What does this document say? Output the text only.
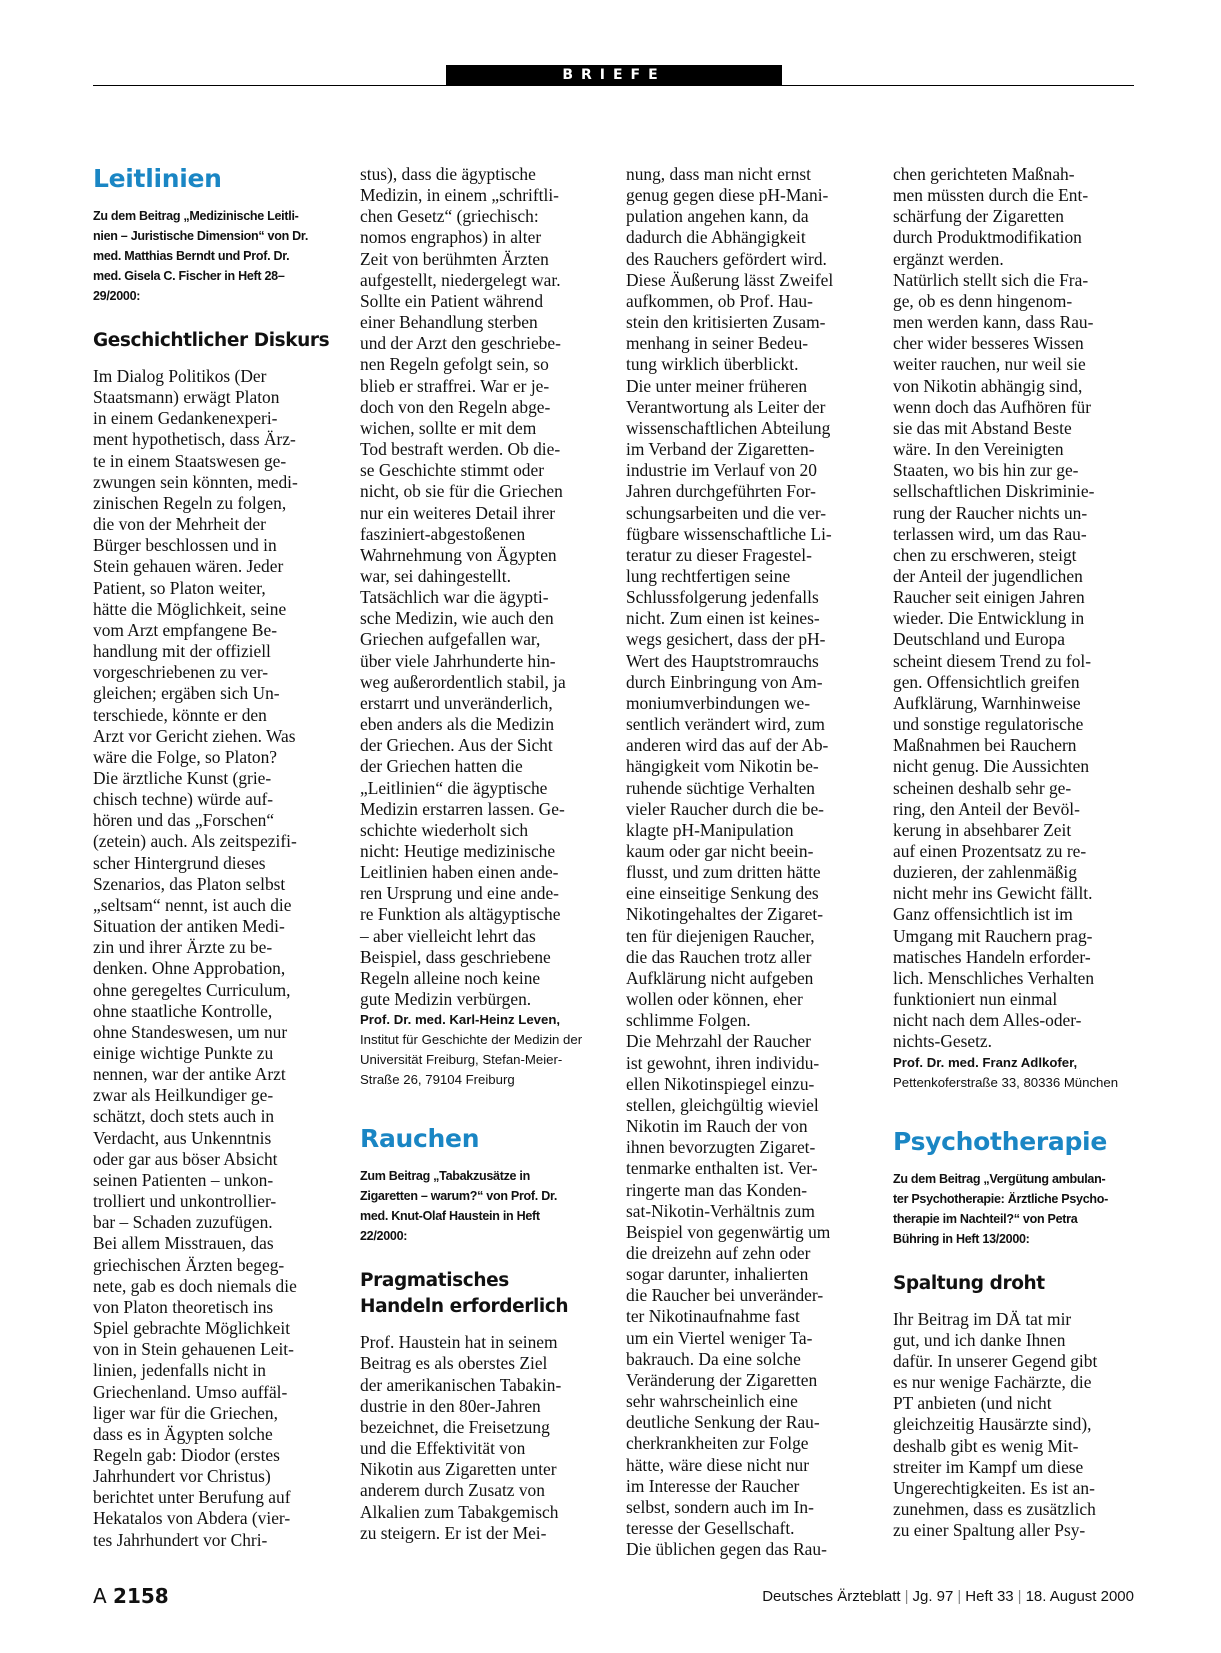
BRIEFE
Leitlinien
Zu dem Beitrag „Medizinische Leitli-nien – Juristische Dimension“ von Dr. med. Matthias Berndt und Prof. Dr. med. Gisela C. Fischer in Heft 28–29/2000:
Geschichtlicher Diskurs
Im Dialog Politikos (Der
Staatsmann) erwägt Platon
in einem Gedankenexperi-
ment hypothetisch, dass Ärz-
te in einem Staatswesen ge-
zwungen sein könnten, medi-
zinischen Regeln zu folgen,
die von der Mehrheit der
Bürger beschlossen und in
Stein gehauen wären. Jeder
Patient, so Platon weiter,
hätte die Möglichkeit, seine
vom Arzt empfangene Be-
handlung mit der offiziell
vorgeschriebenen zu ver-
gleichen; ergäben sich Un-
terschiede, könnte er den
Arzt vor Gericht ziehen. Was
wäre die Folge, so Platon?
Die ärztliche Kunst (grie-
chisch techne) würde auf-
hören und das „Forschen“
(zetein) auch. Als zeitspezifi-
scher Hintergrund dieses
Szenarios, das Platon selbst
„seltsam“ nennt, ist auch die
Situation der antiken Medi-
zin und ihrer Ärzte zu be-
denken. Ohne Approbation,
ohne geregeltes Curriculum,
ohne staatliche Kontrolle,
ohne Standeswesen, um nur
einige wichtige Punkte zu
nennen, war der antike Arzt
zwar als Heilkundiger ge-
schätzt, doch stets auch in
Verdacht, aus Unkenntnis
oder gar aus böser Absicht
seinen Patienten – unkon-
trolliert und unkontrollier-
bar – Schaden zuzufügen.
Bei allem Misstrauen, das
griechischen Ärzten begeg-
nete, gab es doch niemals die
von Platon theoretisch ins
Spiel gebrachte Möglichkeit
von in Stein gehauenen Leit-
linien, jedenfalls nicht in
Griechenland. Umso auffäl-
liger war für die Griechen,
dass es in Ägypten solche
Regeln gab: Diodor (erstes
Jahrhundert vor Christus)
berichtet unter Berufung auf
Hekatalos von Abdera (vier-
tes Jahrhundert vor Chri-
stus), dass die ägyptische
Medizin, in einem „schriftli-
chen Gesetz“ (griechisch:
nomos engraphos) in alter
Zeit von berühmten Ärzten
aufgestellt, niedergelegt war.
Sollte ein Patient während
einer Behandlung sterben
und der Arzt den geschriebe-
nen Regeln gefolgt sein, so
blieb er straffrei. War er je-
doch von den Regeln abge-
wichen, sollte er mit dem
Tod bestraft werden. Ob die-
se Geschichte stimmt oder
nicht, ob sie für die Griechen
nur ein weiteres Detail ihrer
fasziniert-abgestoßenen
Wahrnehmung von Ägypten
war, sei dahingestellt.
Tatsächlich war die ägypti-
sche Medizin, wie auch den
Griechen aufgefallen war,
über viele Jahrhunderte hin-
weg außerordentlich stabil, ja
erstarrt und unveränderlich,
eben anders als die Medizin
der Griechen. Aus der Sicht
der Griechen hatten die
„Leitlinien“ die ägyptische
Medizin erstarren lassen. Ge-
schichte wiederholt sich
nicht: Heutige medizinische
Leitlinien haben einen ande-
ren Ursprung und eine ande-
re Funktion als altägyptische
– aber vielleicht lehrt das
Beispiel, dass geschriebene
Regeln alleine noch keine
gute Medizin verbürgen.
Prof. Dr. med. Karl-Heinz Leven,
Institut für Geschichte der Medizin der
Universität Freiburg, Stefan-Meier-
Straße 26, 79104 Freiburg
Rauchen
Zum Beitrag „Tabakzusätze in Zigaretten – warum?“ von Prof. Dr. med. Knut-Olaf Haustein in Heft 22/2000:
Pragmatisches Handeln erforderlich
Prof. Haustein hat in seinem
Beitrag es als oberstes Ziel
der amerikanischen Tabakin-
dustrie in den 80er-Jahren
bezeichnet, die Freisetzung
und die Effektivität von
Nikotin aus Zigaretten unter
anderem durch Zusatz von
Alkalien zum Tabakgemisch
zu steigern. Er ist der Mei-
nung, dass man nicht ernst
genug gegen diese pH-Mani-
pulation angehen kann, da
dadurch die Abhängigkeit
des Rauchers gefördert wird.
Diese Äußerung lässt Zweifel
aufkommen, ob Prof. Hau-
stein den kritisierten Zusam-
menhang in seiner Bedeu-
tung wirklich überblickt.
Die unter meiner früheren
Verantwortung als Leiter der
wissenschaftlichen Abteilung
im Verband der Zigaretten-
industrie im Verlauf von 20
Jahren durchgeführten For-
schungsarbeiten und die ver-
fügbare wissenschaftliche Li-
teratur zu dieser Fragestel-
lung rechtfertigen seine
Schlussfolgerung jedenfalls
nicht. Zum einen ist keines-
wegs gesichert, dass der pH-
Wert des Hauptstromrauchs
durch Einbringung von Am-
moniumverbindungen we-
sentlich verändert wird, zum
anderen wird das auf der Ab-
hängigkeit vom Nikotin be-
ruhende süchtige Verhalten
vieler Raucher durch die be-
klagte pH-Manipulation
kaum oder gar nicht beein-
flusst, und zum dritten hätte
eine einseitige Senkung des
Nikotingehaltes der Zigaret-
ten für diejenigen Raucher,
die das Rauchen trotz aller
Aufklärung nicht aufgeben
wollen oder können, eher
schlimme Folgen.
Die Mehrzahl der Raucher
ist gewohnt, ihren individu-
ellen Nikotinspiegel einzu-
stellen, gleichgültig wieviel
Nikotin im Rauch der von
ihnen bevorzugten Zigaret-
tenmarke enthalten ist. Ver-
ringerte man das Konden-
sat-Nikotin-Verhältnis zum
Beispiel von gegenwärtig um
die dreizehn auf zehn oder
sogar darunter, inhalierten
die Raucher bei unveränder-
ter Nikotinaufnahme fast
um ein Viertel weniger Ta-
bakrauch. Da eine solche
Veränderung der Zigaretten
sehr wahrscheinlich eine
deutliche Senkung der Rau-
cherkrankheiten zur Folge
hätte, wäre diese nicht nur
im Interesse der Raucher
selbst, sondern auch im In-
teresse der Gesellschaft.
Die üblichen gegen das Rau-
chen gerichteten Maßnah-
men müssten durch die Ent-
schärfung der Zigaretten
durch Produktmodifikation
ergänzt werden.
Natürlich stellt sich die Fra-
ge, ob es denn hingenom-
men werden kann, dass Rau-
cher wider besseres Wissen
weiter rauchen, nur weil sie
von Nikotin abhängig sind,
wenn doch das Aufhören für
sie das mit Abstand Beste
wäre. In den Vereinigten
Staaten, wo bis hin zur ge-
sellschaftlichen Diskriminie-
rung der Raucher nichts un-
terlassen wird, um das Rau-
chen zu erschweren, steigt
der Anteil der jugendlichen
Raucher seit einigen Jahren
wieder. Die Entwicklung in
Deutschland und Europa
scheint diesem Trend zu fol-
gen. Offensichtlich greifen
Aufklärung, Warnhinweise
und sonstige regulatorische
Maßnahmen bei Rauchern
nicht genug. Die Aussichten
scheinen deshalb sehr ge-
ring, den Anteil der Bevöl-
kerung in absehbarer Zeit
auf einen Prozentsatz zu re-
duzieren, der zahlenmäßig
nicht mehr ins Gewicht fällt.
Ganz offensichtlich ist im
Umgang mit Rauchern prag-
matisches Handeln erforder-
lich. Menschliches Verhalten
funktioniert nun einmal
nicht nach dem Alles-oder-
nichts-Gesetz.
Prof. Dr. med. Franz Adlkofer,
Pettenkoferstraße 33, 80336 München
Psychotherapie
Zu dem Beitrag „Vergütung ambulan-ter Psychotherapie: Ärztliche Psycho-therapie im Nachteil?“ von Petra Bühring in Heft 13/2000:
Spaltung droht
Ihr Beitrag im DÄ tat mir
gut, und ich danke Ihnen
dafür. In unserer Gegend gibt
es nur wenige Fachärzte, die
PT anbieten (und nicht
gleichzeitig Hausärzte sind),
deshalb gibt es wenig Mit-
streiter im Kampf um diese
Ungerechtigkeiten. Es ist an-
zunehmen, dass es zusätzlich
zu einer Spaltung aller Psy-
A 2158	Deutsches Ärzteblatt | Jg. 97 | Heft 33 | 18. August 2000
